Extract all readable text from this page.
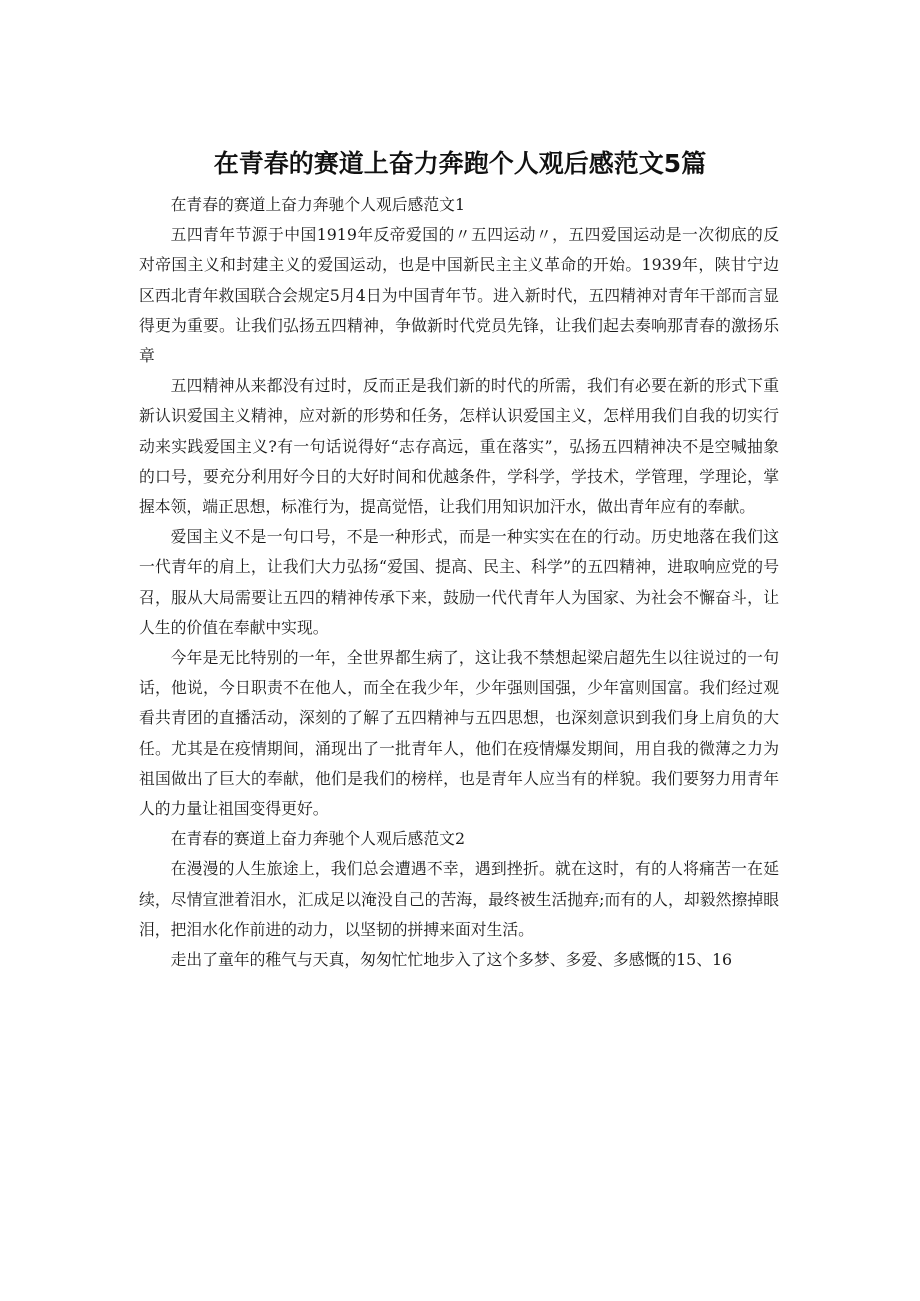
在青春的赛道上奋力奔跑个人观后感范文5篇

在青春的赛道上奋力奔驰个人观后感范文1

五四青年节源于中国1919年反帝爱国的〃五四运动〃，五四爱国运动是一次彻底的反对帝国主义和封建主义的爱国运动，也是中国新民主主义革命的开始。1939年，陕甘宁边区西北青年救国联合会规定5月4日为中国青年节。进入新时代，五四精神对青年干部而言显得更为重要。让我们弘扬五四精神，争做新时代党员先锋，让我们起去奏响那青春的激扬乐章

五四精神从来都没有过时，反而正是我们新的时代的所需，我们有必要在新的形式下重新认识爱国主义精神，应对新的形势和任务，怎样认识爱国主义，怎样用我们自我的切实行动来实践爱国主义?有一句话说得好“志存高远，重在落实”，弘扬五四精神决不是空喊抽象的口号，要充分利用好今日的大好时间和优越条件，学科学，学技术，学管理，学理论，掌握本领，端正思想，标准行为，提高觉悟，让我们用知识加汗水，做出青年应有的奉献。

爱国主义不是一句口号，不是一种形式，而是一种实实在在的行动。历史地落在我们这一代青年的肩上，让我们大力弘扬“爱国、提高、民主、科学”的五四精神，进取响应党的号召，服从大局需要让五四的精神传承下来，鼓励一代代青年人为国家、为社会不懈奋斗，让人生的价值在奉献中实现。

今年是无比特别的一年，全世界都生病了，这让我不禁想起梁启超先生以往说过的一句话，他说，今日职责不在他人，而全在我少年，少年强则国强，少年富则国富。我们经过观看共青团的直播活动，深刻的了解了五四精神与五四思想，也深刻意识到我们身上肩负的大任。尤其是在疫情期间，涌现出了一批青年人，他们在疫情爆发期间，用自我的微薄之力为祖国做出了巨大的奉献，他们是我们的榜样，也是青年人应当有的样貌。我们要努力用青年人的力量让祖国变得更好。

在青春的赛道上奋力奔驰个人观后感范文2

在漫漫的人生旅途上，我们总会遭遇不幸，遇到挫折。就在这时，有的人将痛苦一在延续，尽情宣泄着泪水，汇成足以淹没自己的苦海，最终被生活抛弃;而有的人，却毅然擦掉眼泪，把泪水化作前进的动力，以坚韧的拼搏来面对生活。

走出了童年的稚气与天真，匆匆忙忙地步入了这个多梦、多爱、多感慨的15、16
